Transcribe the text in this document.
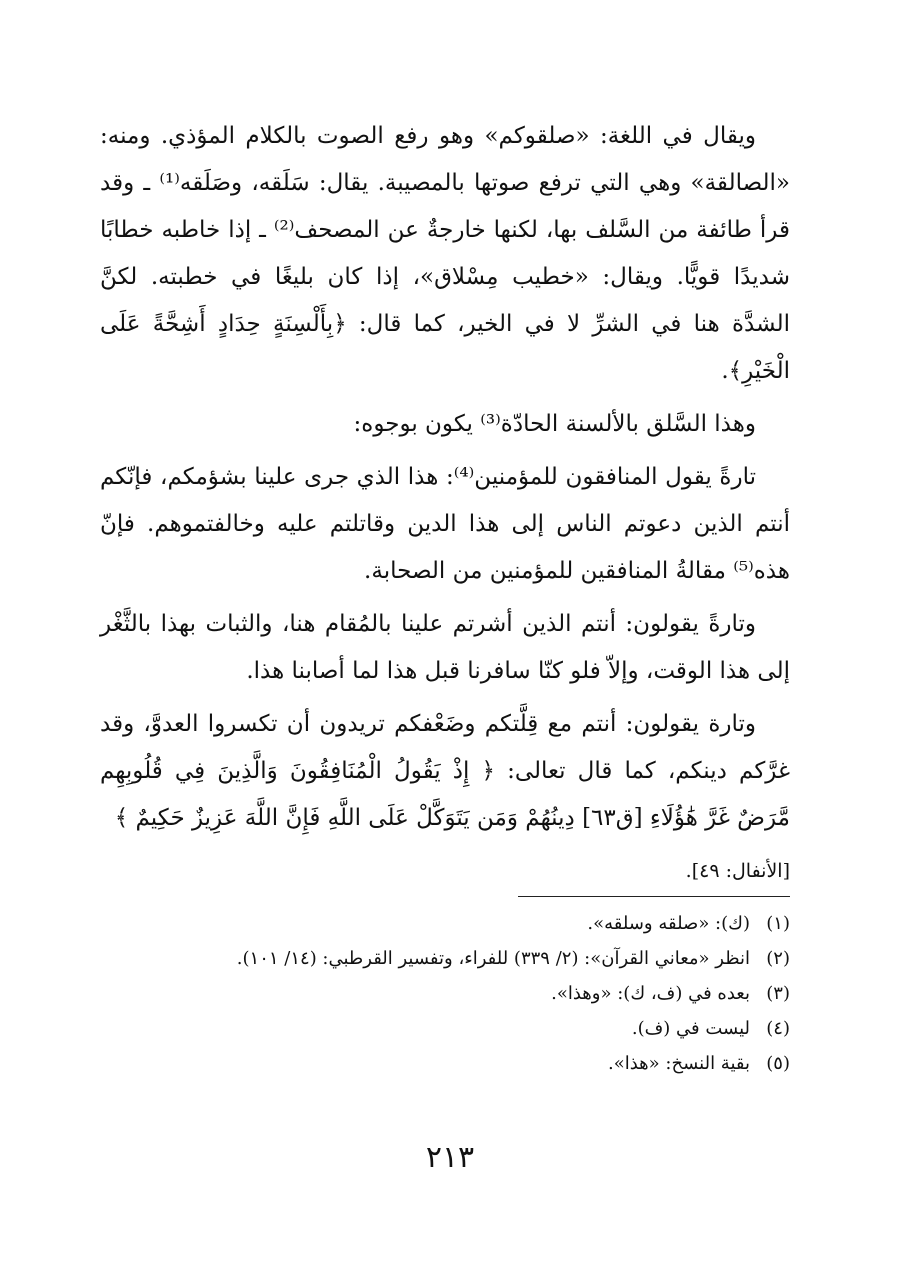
ويقال في اللغة: «صلقوكم» وهو رفع الصوت بالكلام المؤذي. ومنه: «الصالقة» وهي التي ترفع صوتها بالمصيبة. يقال: سَلَقه، وصَلَقه⁽¹⁾ ـ وقد قرأ طائفة من السَّلف بها، لكنها خارجةٌ عن المصحف⁽²⁾ ـ إذا خاطبه خطابًا شديدًا قويًّا. ويقال: «خطيب مِسْلاق»، إذا كان بليغًا في خطبته. لكنَّ الشدَّة هنا في الشرِّ لا في الخير، كما قال: ﴿بِأَلْسِنَةٍ حِدَادٍ أَشِحَّةً عَلَى الْخَيْرِ﴾.

وهذا السَّلق بالألسنة الحادّة⁽³⁾ يكون بوجوه:

تارةً يقول المنافقون للمؤمنين⁽⁴⁾: هذا الذي جرى علينا بشؤمكم، فإنّكم أنتم الذين دعوتم الناس إلى هذا الدين وقاتلتم عليه وخالفتموهم. فإنّ هذه⁽⁵⁾ مقالةُ المنافقين للمؤمنين من الصحابة.

وتارةً يقولون: أنتم الذين أشرتم علينا بالمُقام هنا، والثبات بهذا بالثَّغْر إلى هذا الوقت، وإلاّ فلو كنّا سافرنا قبل هذا لما أصابنا هذا.

وتارة يقولون: أنتم مع قِلَّتكم وضَعْفكم تريدون أن تكسروا العدوَّ، وقد غرَّكم دينكم، كما قال تعالى: ﴿ إِذْ يَقُولُ الْمُنَافِقُونَ وَالَّذِينَ فِي قُلُوبِهِم مَّرَضٌ غَرَّ هَٰؤُلَاءِ [ق٦٣] دِينُهُمْ وَمَن يَتَوَكَّلْ عَلَى اللَّهِ فَإِنَّ اللَّهَ عَزِيزٌ حَكِيمٌ ﴾

[الأنفال: ٤٩].

(١)
(ك): «صلقه وسلقه».
(٢)
انظر «معاني القرآن»: (٢/ ٣٣٩) للفراء، وتفسير القرطبي: (١٤/ ١٠١).
(٣)
بعده في (ف، ك): «وهذا».
(٤)
ليست في (ف).
(٥)
بقية النسخ: «هذا».
٢١٣
